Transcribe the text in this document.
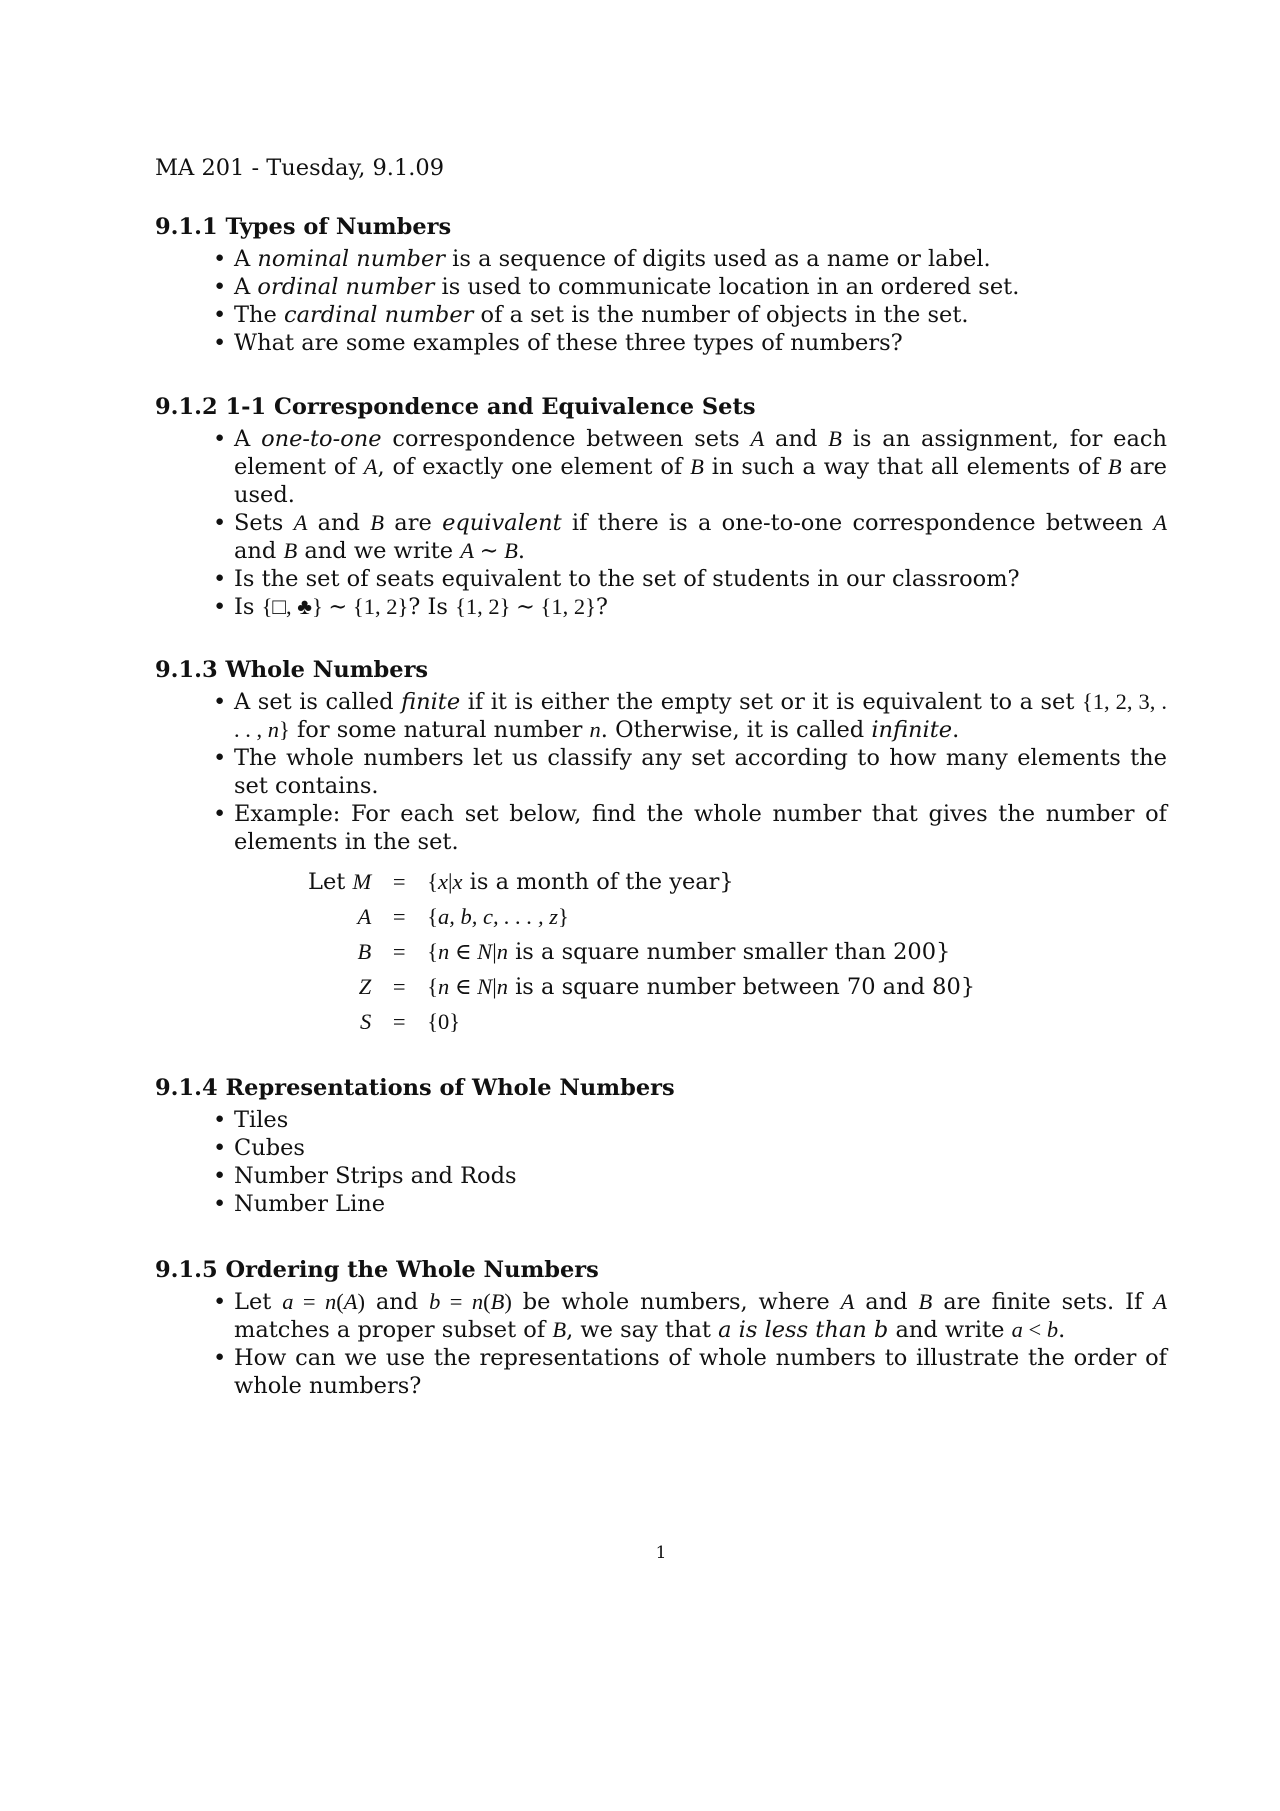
MA 201 - Tuesday, 9.1.09
9.1.1 Types of Numbers
• A nominal number is a sequence of digits used as a name or label.
• A ordinal number is used to communicate location in an ordered set.
• The cardinal number of a set is the number of objects in the set.
• What are some examples of these three types of numbers?
9.1.2 1-1 Correspondence and Equivalence Sets
• A one-to-one correspondence between sets A and B is an assignment, for each element of A, of exactly one element of B in such a way that all elements of B are used.
• Sets A and B are equivalent if there is a one-to-one correspondence between A and B and we write A ∼ B.
• Is the set of seats equivalent to the set of students in our classroom?
• Is {□, ♣} ∼ {1, 2}? Is {1, 2} ∼ {1, 2}?
9.1.3 Whole Numbers
• A set is called finite if it is either the empty set or it is equivalent to a set {1, 2, 3, . . . , n} for some natural number n. Otherwise, it is called infinite.
• The whole numbers let us classify any set according to how many elements the set contains.
• Example: For each set below, find the whole number that gives the number of elements in the set.
Let M	=	{x|x is a month of the year}
A	=	{a, b, c, . . . , z}
B	=	{n ∈ N|n is a square number smaller than 200}
Z	=	{n ∈ N|n is a square number between 70 and 80}
S	=	{0}
9.1.4 Representations of Whole Numbers
• Tiles
• Cubes
• Number Strips and Rods
• Number Line
9.1.5 Ordering the Whole Numbers
• Let a = n(A) and b = n(B) be whole numbers, where A and B are finite sets. If A matches a proper subset of B, we say that a is less than b and write a < b.
• How can we use the representations of whole numbers to illustrate the order of whole numbers?
1
